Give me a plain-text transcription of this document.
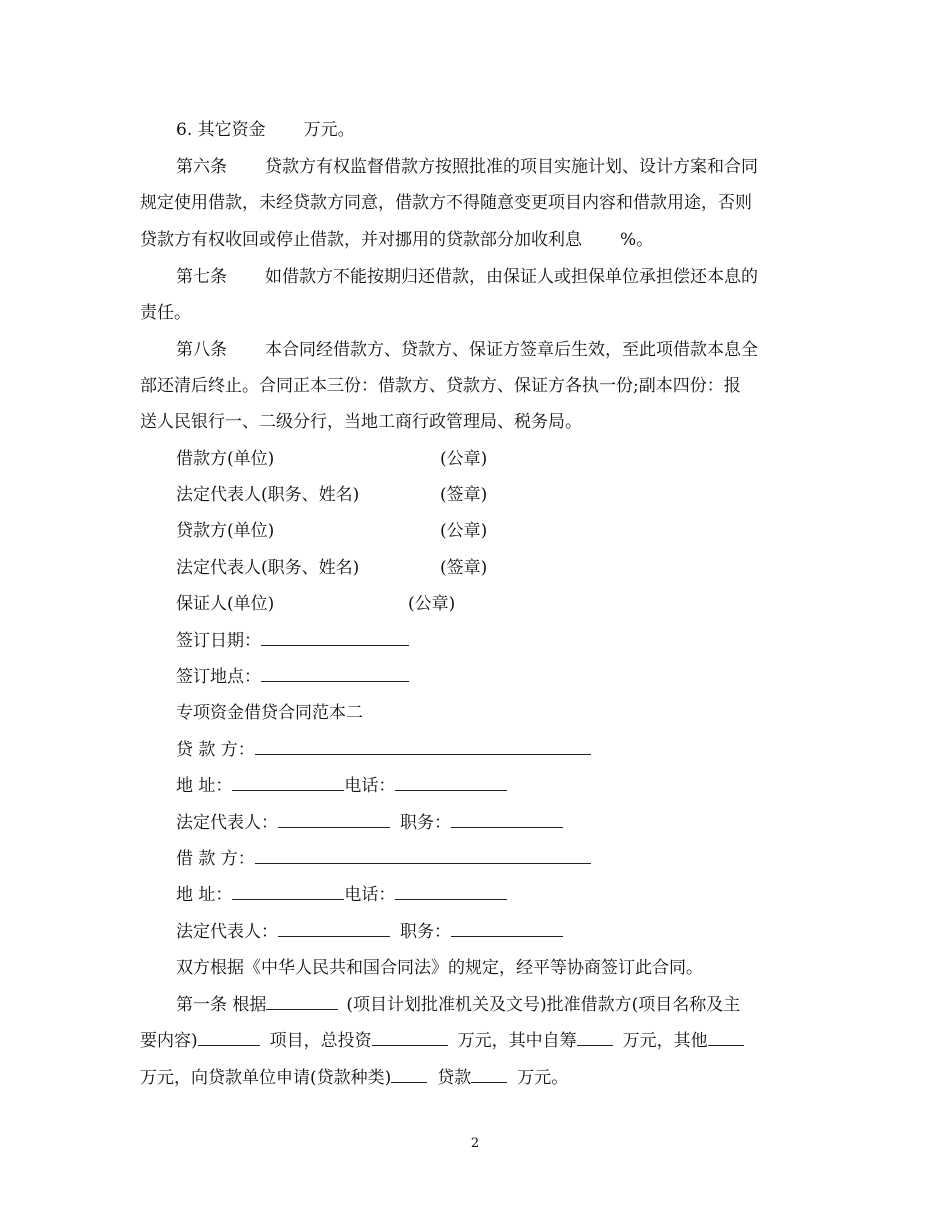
6. 其它资金 万元。
第六条 贷款方有权监督借款方按照批准的项目实施计划、设计方案和合同
规定使用借款，未经贷款方同意，借款方不得随意变更项目内容和借款用途，否则
贷款方有权收回或停止借款，并对挪用的贷款部分加收利息 %。
第七条 如借款方不能按期归还借款，由保证人或担保单位承担偿还本息的
责任。
第八条 本合同经借款方、贷款方、保证方签章后生效，至此项借款本息全
部还清后终止。合同正本三份：借款方、贷款方、保证方各执一份;副本四份：报
送人民银行一、二级分行，当地工商行政管理局、税务局。
借款方(单位)	(公章)
法定代表人(职务、姓名)	(签章)
贷款方(单位)	(公章)
法定代表人(职务、姓名)	(签章)
保证人(单位)	(公章)
签订日期：
签订地点：
专项资金借贷合同范本二
贷 款 方：
地 址：	电话：
法定代表人：	职务：
借 款 方：
地 址：	电话：
法定代表人：	职务：
双方根据《中华人民共和国合同法》的规定，经平等协商签订此合同。
第一条 根据	(项目计划批准机关及文号)批准借款方(项目名称及主
要内容)	项目，总投资	万元，其中自筹	万元，其他
万元，向贷款单位申请(贷款种类)	贷款	万元。
2
